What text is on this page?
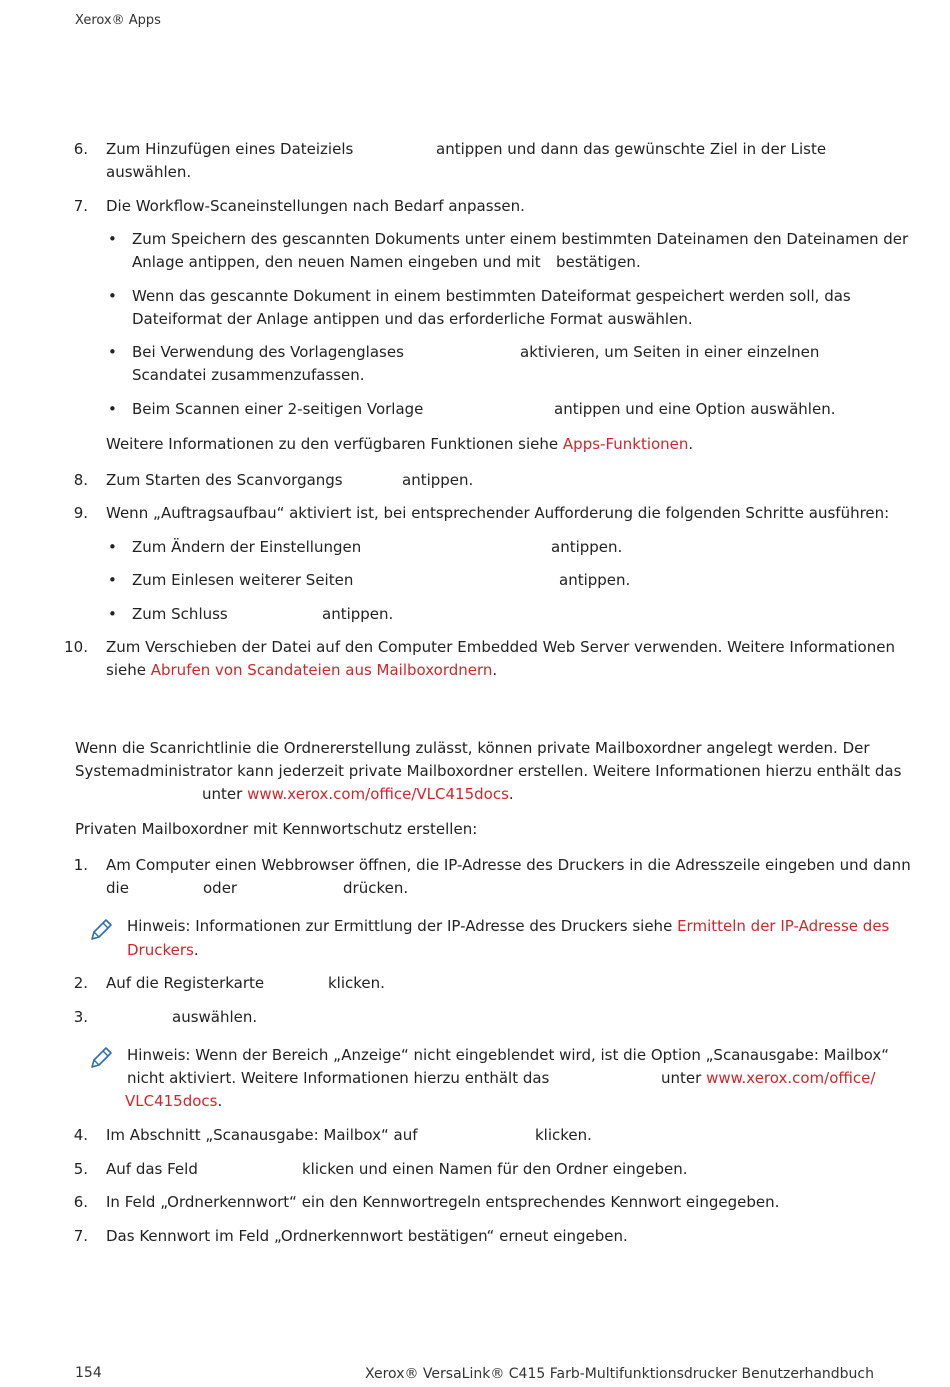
Xerox® Apps
6. Zum Hinzufügen eines Dateiziels	antippen und dann das gewünschte Ziel in der Liste
auswählen.
7. Die Workflow-Scaneinstellungen nach Bedarf anpassen.
• Zum Speichern des gescannten Dokuments unter einem bestimmten Dateinamen den Dateinamen der
Anlage antippen, den neuen Namen eingeben und mit bestätigen.
• Wenn das gescannte Dokument in einem bestimmten Dateiformat gespeichert werden soll, das
Dateiformat der Anlage antippen und das erforderliche Format auswählen.
• Bei Verwendung des Vorlagenglases	aktivieren, um Seiten in einer einzelnen
Scandatei zusammenzufassen.
• Beim Scannen einer 2-seitigen Vorlage	antippen und eine Option auswählen.
Weitere Informationen zu den verfügbaren Funktionen siehe Apps-Funktionen.
8. Zum Starten des Scanvorgangs	antippen.
9. Wenn „Auftragsaufbau“ aktiviert ist, bei entsprechender Aufforderung die folgenden Schritte ausführen:
• Zum Ändern der Einstellungen	antippen.
• Zum Einlesen weiterer Seiten	antippen.
• Zum Schluss	antippen.
10. Zum Verschieben der Datei auf den Computer Embedded Web Server verwenden. Weitere Informationen
siehe Abrufen von Scandateien aus Mailboxordnern.
Wenn die Scanrichtlinie die Ordnererstellung zulässt, können private Mailboxordner angelegt werden. Der
Systemadministrator kann jederzeit private Mailboxordner erstellen. Weitere Informationen hierzu enthält das
unter www.xerox.com/office/VLC415docs.
Privaten Mailboxordner mit Kennwortschutz erstellen:
1. Am Computer einen Webbrowser öffnen, die IP-Adresse des Druckers in die Adresszeile eingeben und dann
die	oder	drücken.
Hinweis: Informationen zur Ermittlung der IP-Adresse des Druckers siehe Ermitteln der IP-Adresse des
Druckers.
2. Auf die Registerkarte	klicken.
3.	auswählen.
Hinweis: Wenn der Bereich „Anzeige“ nicht eingeblendet wird, ist die Option „Scanausgabe: Mailbox“
nicht aktiviert. Weitere Informationen hierzu enthält das	unter www.xerox.com/office/
VLC415docs.
4. Im Abschnitt „Scanausgabe: Mailbox“ auf	klicken.
5. Auf das Feld	klicken und einen Namen für den Ordner eingeben.
6. In Feld „Ordnerkennwort“ ein den Kennwortregeln entsprechendes Kennwort eingegeben.
7. Das Kennwort im Feld „Ordnerkennwort bestätigen“ erneut eingeben.
154	Xerox® VersaLink® C415 Farb-Multifunktionsdrucker Benutzerhandbuch
